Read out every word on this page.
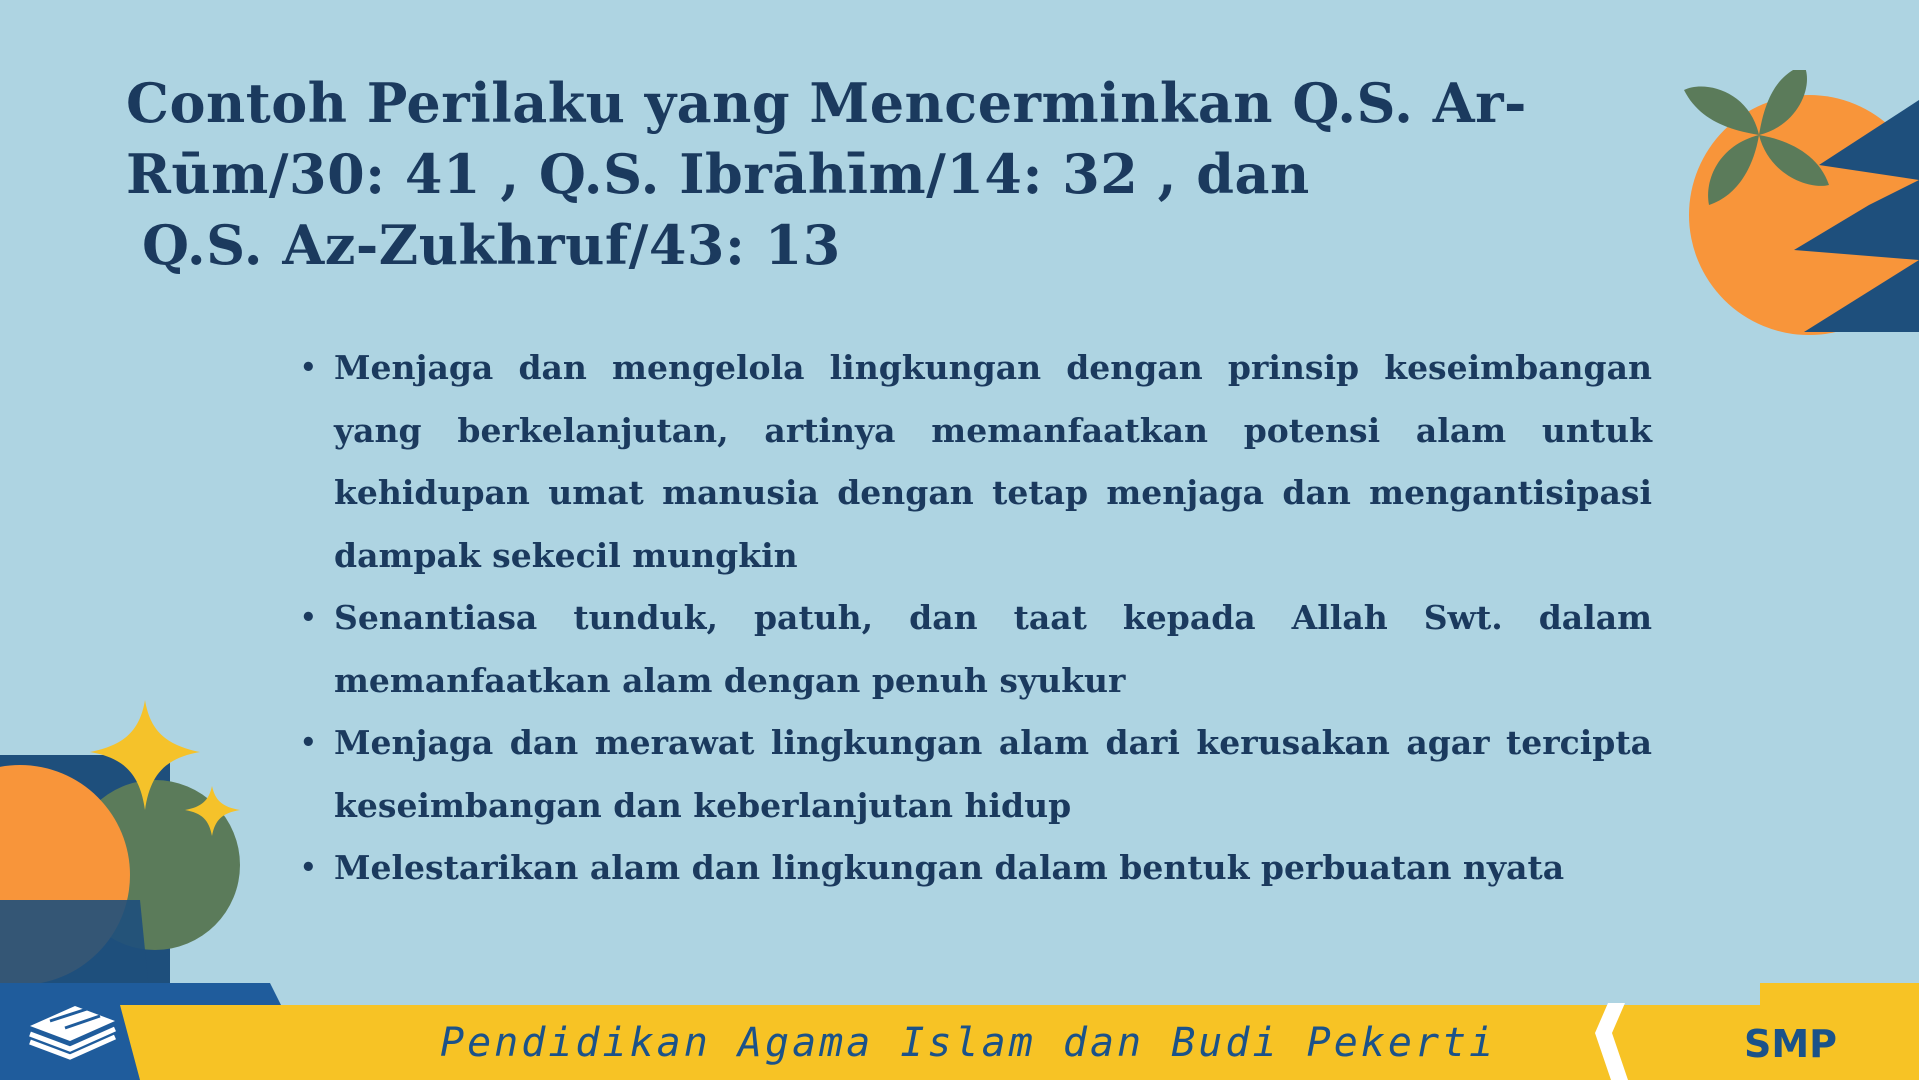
Contoh Perilaku yang Mencerminkan Q.S. Ar-
Rūm/30: 41 , Q.S. Ibrāhīm/14: 32 , dan
Q.S. Az-Zukhruf/43: 13
• Menjaga dan mengelola lingkungan dengan prinsip keseimbangan yang berkelanjutan, artinya memanfaatkan potensi alam untuk kehidupan umat manusia dengan tetap menjaga dan mengantisipasi dampak sekecil mungkin
• Senantiasa tunduk, patuh, dan taat kepada Allah Swt. dalam memanfaatkan alam dengan penuh syukur
• Menjaga dan merawat lingkungan alam dari kerusakan agar tercipta keseimbangan dan keberlanjutan hidup
• Melestarikan alam dan lingkungan dalam bentuk perbuatan nyata
Pendidikan Agama Islam dan Budi Pekerti	SMP
